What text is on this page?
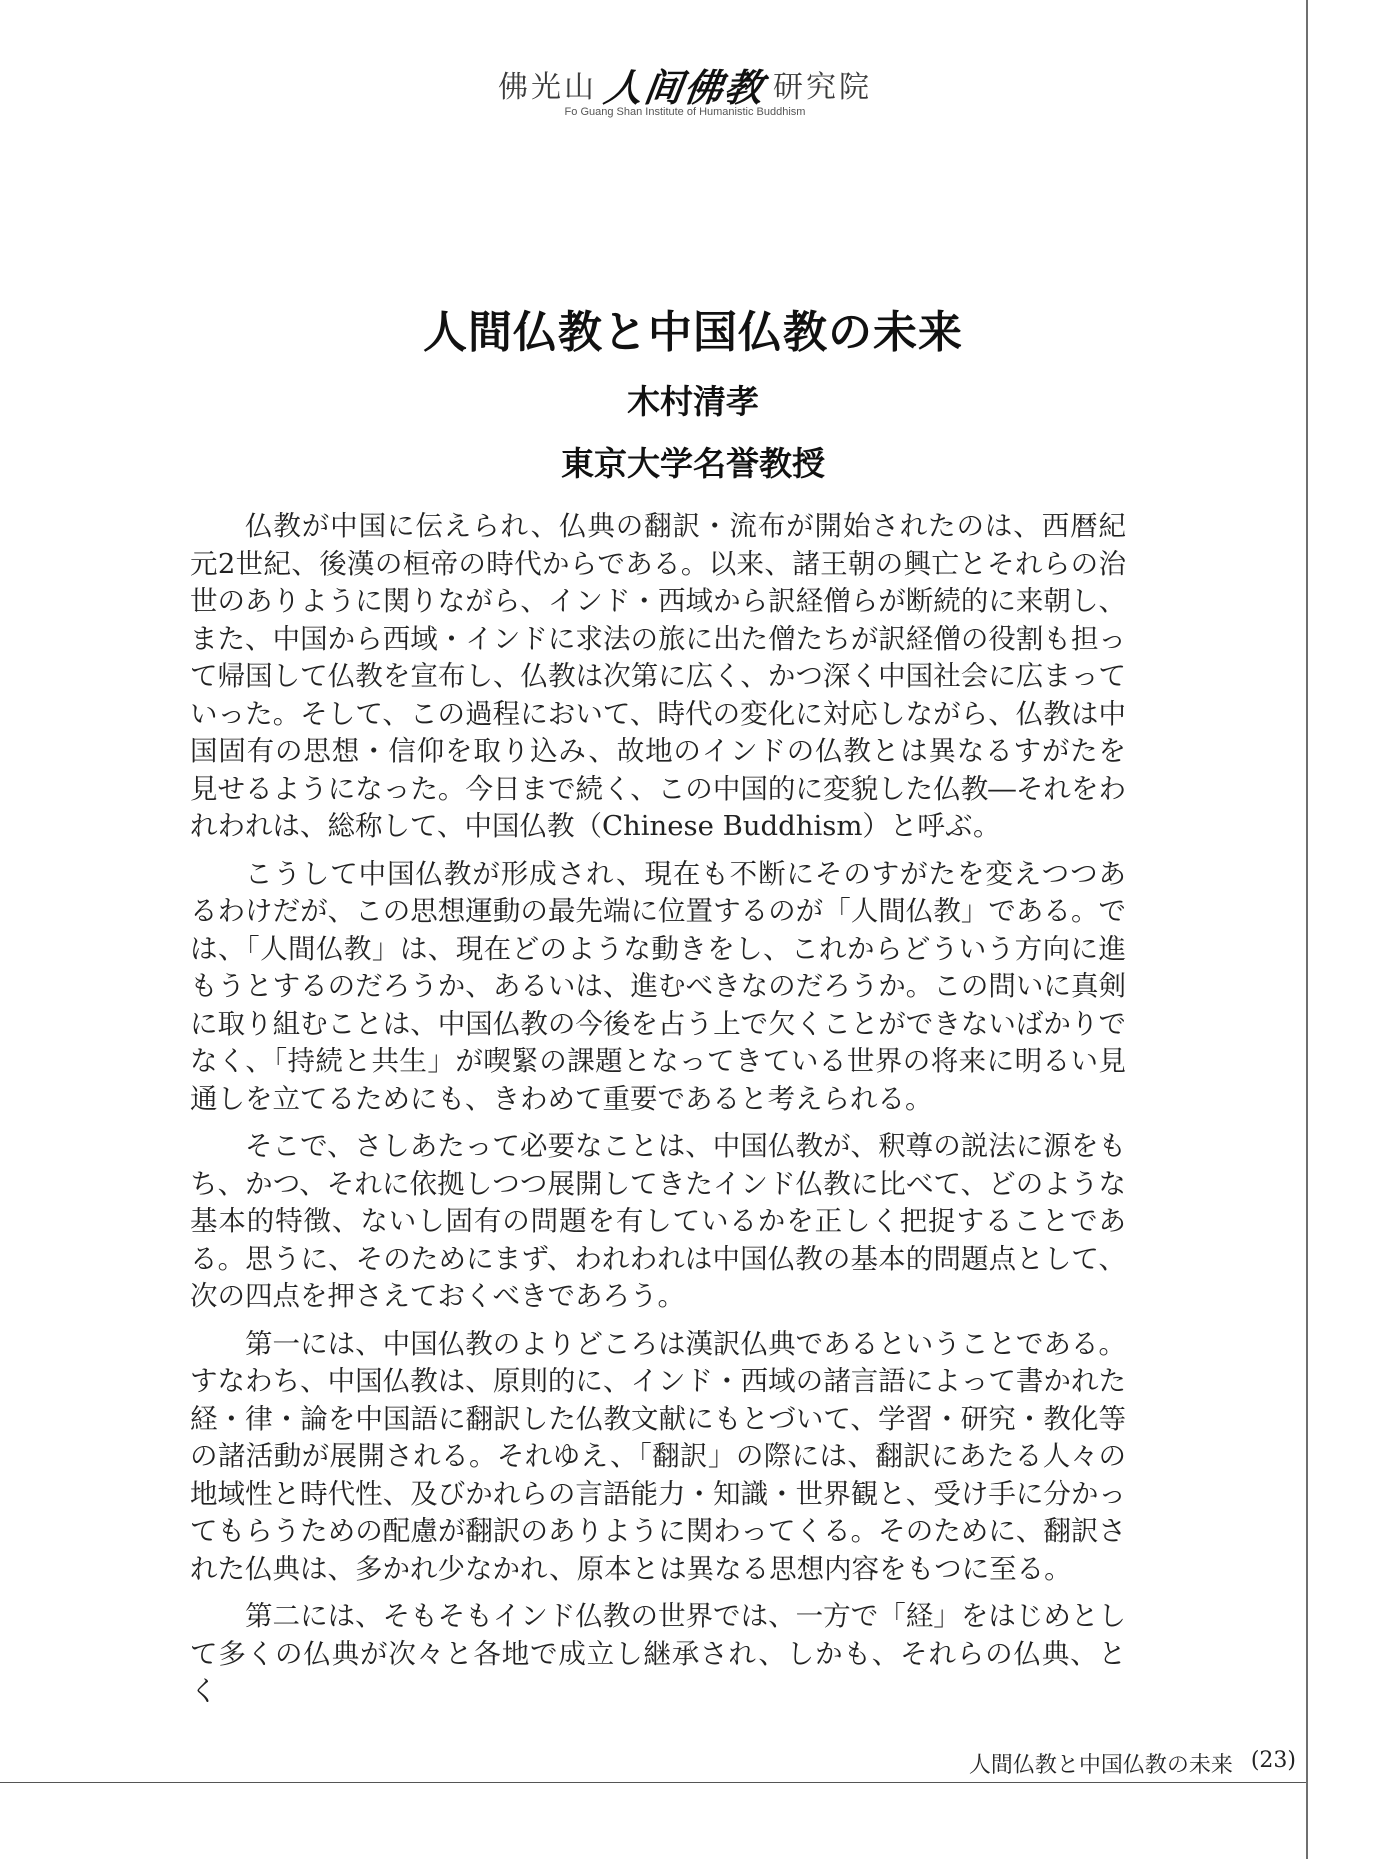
佛光山 人间佛教 研究院
Fo Guang Shan Institute of Humanistic Buddhism
人間仏教と中国仏教の未来
木村清孝
東京大学名誉教授

仏教が中国に伝えられ、仏典の翻訳・流布が開始されたのは、西暦紀元2世紀、後漢の桓帝の時代からである。以来、諸王朝の興亡とそれらの治世のありように関りながら、インド・西域から訳経僧らが断続的に来朝し、また、中国から西域・インドに求法の旅に出た僧たちが訳経僧の役割も担って帰国して仏教を宣布し、仏教は次第に広く、かつ深く中国社会に広まっていった。そして、この過程において、時代の変化に対応しながら、仏教は中国固有の思想・信仰を取り込み、故地のインドの仏教とは異なるすがたを見せるようになった。今日まで続く、この中国的に変貌した仏教―それをわれわれは、総称して、中国仏教（Chinese Buddhism）と呼ぶ。

こうして中国仏教が形成され、現在も不断にそのすがたを変えつつあるわけだが、この思想運動の最先端に位置するのが「人間仏教」である。では、「人間仏教」は、現在どのような動きをし、これからどういう方向に進もうとするのだろうか、あるいは、進むべきなのだろうか。この問いに真剣に取り組むことは、中国仏教の今後を占う上で欠くことができないばかりでなく、「持続と共生」が喫緊の課題となってきている世界の将来に明るい見通しを立てるためにも、きわめて重要であると考えられる。

そこで、さしあたって必要なことは、中国仏教が、釈尊の説法に源をもち、かつ、それに依拠しつつ展開してきたインド仏教に比べて、どのような基本的特徴、ないし固有の問題を有しているかを正しく把捉することである。思うに、そのためにまず、われわれは中国仏教の基本的問題点として、次の四点を押さえておくべきであろう。

第一には、中国仏教のよりどころは漢訳仏典であるということである。すなわち、中国仏教は、原則的に、インド・西域の諸言語によって書かれた経・律・論を中国語に翻訳した仏教文献にもとづいて、学習・研究・教化等の諸活動が展開される。それゆえ、「翻訳」の際には、翻訳にあたる人々の地域性と時代性、及びかれらの言語能力・知識・世界観と、受け手に分かってもらうための配慮が翻訳のありように関わってくる。そのために、翻訳された仏典は、多かれ少なかれ、原本とは異なる思想内容をもつに至る。

第二には、そもそもインド仏教の世界では、一方で「経」をはじめとして多くの仏典が次々と各地で成立し継承され、しかも、それらの仏典、とく

人間仏教と中国仏教の未来 (23)
